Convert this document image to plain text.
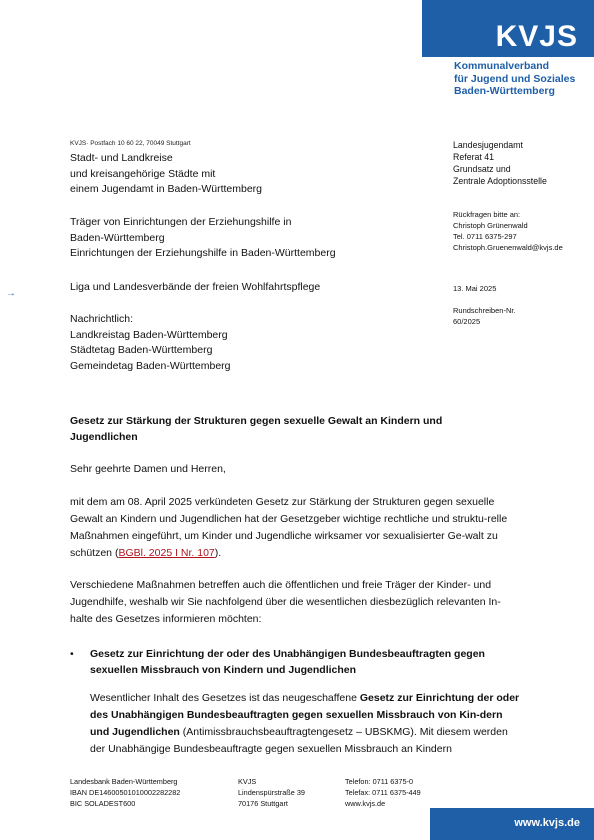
KVJS
Kommunalverband
für Jugend und Soziales
Baden-Württemberg
KVJS· Postfach 10 60 22, 70049 Stuttgart
Stadt- und Landkreise
und kreisangehörige Städte mit
einem Jugendamt in Baden-Württemberg
Träger von Einrichtungen der Erziehungshilfe in
Baden-Württemberg
Einrichtungen der Erziehungshilfe in Baden-Württemberg
→
Liga und Landesverbände der freien Wohlfahrtspflege
Nachrichtlich:
Landkreistag Baden-Württemberg
Städtetag Baden-Württemberg
Gemeindetag Baden-Württemberg
Landesjugendamt
Referat 41
Grundsatz und
Zentrale Adoptionsstelle
Rückfragen bitte an:
Christoph Grünenwald
Tel. 0711 6375-297
Christoph.Gruenenwald@kvjs.de
13. Mai 2025
Rundschreiben-Nr.
60/2025
Gesetz zur Stärkung der Strukturen gegen sexuelle Gewalt an Kindern und Jugendlichen
Sehr geehrte Damen und Herren,
mit dem am 08. April 2025 verkündeten Gesetz zur Stärkung der Strukturen gegen sexuelle Gewalt an Kindern und Jugendlichen hat der Gesetzgeber wichtige rechtliche und struktu-relle Maßnahmen eingeführt, um Kinder und Jugendliche wirksamer vor sexualisierter Ge-walt zu schützen (BGBl. 2025 I Nr. 107).
Verschiedene Maßnahmen betreffen auch die öffentlichen und freie Träger der Kinder- und Jugendhilfe, weshalb wir Sie nachfolgend über die wesentlichen diesbezüglich relevanten In-halte des Gesetzes informieren möchten:
• Gesetz zur Einrichtung der oder des Unabhängigen Bundesbeauftragten gegen sexuellen Missbrauch von Kindern und Jugendlichen
Wesentlicher Inhalt des Gesetzes ist das neugeschaffene Gesetz zur Einrichtung der oder des Unabhängigen Bundesbeauftragten gegen sexuellen Missbrauch von Kin-dern und Jugendlichen (Antimissbrauchsbeauftragtengesetz – UBSKMG). Mit diesem werden der Unabhängige Bundesbeauftragte gegen sexuellen Missbrauch an Kindern
Landesbank Baden-Württemberg
IBAN DE14600501010002282282
BIC SOLADEST600
KVJS
Lindenspürstraße 39
70176 Stuttgart
Telefon: 0711 6375-0
Telefax: 0711 6375-449
www.kvjs.de
www.kvjs.de
